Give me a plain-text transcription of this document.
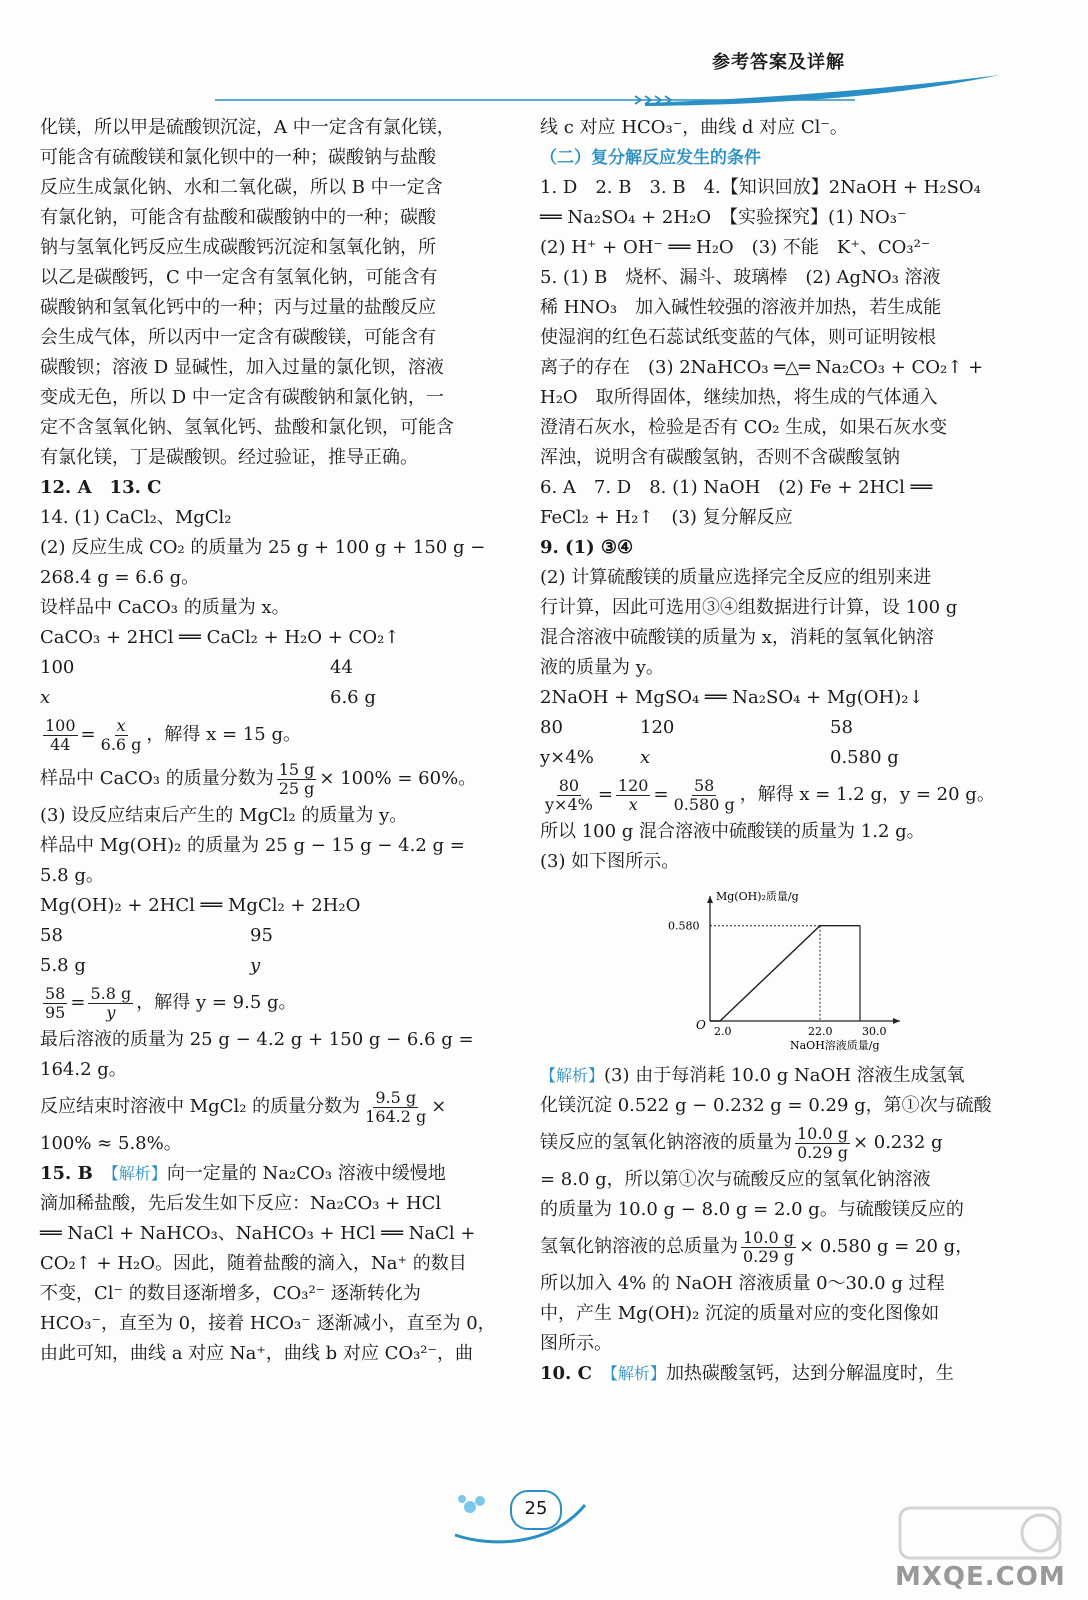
参考答案及详解

化镁，所以甲是硫酸钡沉淀，A 中一定含有氯化镁，

可能含有硫酸镁和氯化钡中的一种；碳酸钠与盐酸

反应生成氯化钠、水和二氧化碳，所以 B 中一定含

有氯化钠，可能含有盐酸和碳酸钠中的一种；碳酸

钠与氢氧化钙反应生成碳酸钙沉淀和氢氧化钠，所

以乙是碳酸钙，C 中一定含有氢氧化钠，可能含有

碳酸钠和氢氧化钙中的一种；丙与过量的盐酸反应

会生成气体，所以丙中一定含有碳酸镁，可能含有

碳酸钡；溶液 D 显碱性，加入过量的氯化钡，溶液

变成无色，所以 D 中一定含有碳酸钠和氯化钠，一

定不含氢氧化钠、氢氧化钙、盐酸和氯化钡，可能含

有氯化镁，丁是碳酸钡。经过验证，推导正确。

12. A　13. C

14. (1) CaCl₂、MgCl₂

(2) 反应生成 CO₂ 的质量为 25 g + 100 g + 150 g −

268.4 g = 6.6 g。

设样品中 CaCO₃ 的质量为 x。

CaCO₃ + 2HCl ══ CaCl₂ + H₂O + CO₂↑

100

x

44

6.6 g

$\frac{100}{44} = \frac{x}{6.6 g}$ ，解得 x = 15 g。
样品中 CaCO₃ 的质量分数为 $\frac{15 g}{25 g} \times 100\% = 60\%$。

(3) 设反应结束后产生的 MgCl₂ 的质量为 y。

样品中 Mg(OH)₂ 的质量为 25 g − 15 g − 4.2 g =

5.8 g。

Mg(OH)₂ + 2HCl ══ MgCl₂ + 2H₂O

58

5.8 g

95

y

$\frac{58}{95} = \frac{5.8 g}{y}$ ，解得 y = 9.5 g。

最后溶液的质量为 25 g − 4.2 g + 150 g − 6.6 g =

164.2 g。

反应结束时溶液中 MgCl₂ 的质量分数为 $\frac{9.5 g}{164.2 g}$ ×

100% ≈ 5.8%。

15. B　 【解析】向一定量的 Na₂CO₃ 溶液中缓慢地

滴加稀盐酸，先后发生如下反应：Na₂CO₃ + HCl

══ NaCl + NaHCO₃、NaHCO₃ + HCl ══ NaCl +

CO₂↑ + H₂O。因此，随着盐酸的滴入，Na⁺ 的数目

不变，Cl⁻ 的数目逐渐增多，CO₃²⁻ 逐渐转化为

HCO₃⁻，直至为 0，接着 HCO₃⁻ 逐渐减小，直至为 0，

由此可知，曲线 a 对应 Na⁺，曲线 b 对应 CO₃²⁻，曲

线 c 对应 HCO₃⁻，曲线 d 对应 Cl⁻。

（二）复分解反应发生的条件

1. D　2. B　3. B　4.【知识回放】2NaOH + H₂SO₄

══ Na₂SO₄ + 2H₂O　【实验探究】(1) NO₃⁻

(2) H⁺ + OH⁻ ══ H₂O　(3) 不能　K⁺、CO₃²⁻

5. (1) B　烧杯、漏斗、玻璃棒　(2) AgNO₃ 溶液

稀 HNO₃　加入碱性较强的溶液并加热，若生成能

使湿润的红色石蕊试纸变蓝的气体，则可证明铵根

离子的存在　(3) 2NaHCO₃ ═△═ Na₂CO₃ + CO₂↑ +

H₂O　取所得固体，继续加热，将生成的气体通入

澄清石灰水，检验是否有 CO₂ 生成，如果石灰水变

浑浊，说明含有碳酸氢钠，否则不含碳酸氢钠

6. A　7. D　8. (1) NaOH　(2) Fe + 2HCl ══

FeCl₂ + H₂↑　(3) 复分解反应

9. (1) ③④

(2) 计算硫酸镁的质量应选择完全反应的组别来进

行计算，因此可选用③④组数据进行计算，设 100 g

混合溶液中硫酸镁的质量为 x，消耗的氢氧化钠溶

液的质量为 y。

2NaOH + MgSO₄ ══ Na₂SO₄ + Mg(OH)₂↓

80

y×4%

120

x

58

0.580 g

$\frac{80}{y\times 4\%} = \frac{120}{x} = \frac{58}{0.580 g}$ ，解得 x = 1.2 g，y = 20 g。

所以 100 g 混合溶液中硫酸镁的质量为 1.2 g。

(3) 如下图所示。

Mg(OH)₂质量/g
NaOH溶液质量/g
O
0.580
2.0	22.0	30.0

【解析】(3) 由于每消耗 10.0 g NaOH 溶液生成氢氧

化镁沉淀 0.522 g − 0.232 g = 0.29 g，第①次与硫酸

镁反应的氢氧化钠溶液的质量为 $\frac{10.0 g}{0.29 g} \times 0.232$ g

= 8.0 g，所以第①次与硫酸反应的氢氧化钠溶液

的质量为 10.0 g − 8.0 g = 2.0 g。与硫酸镁反应的

氢氧化钠溶液的总质量为 $\frac{10.0 g}{0.29 g} \times 0.580$ g = 20 g，

所以加入 4% 的 NaOH 溶液质量 0～30.0 g 过程

中，产生 Mg(OH)₂ 沉淀的质量对应的变化图像如

图所示。

10. C　 【解析】加热碳酸氢钙，达到分解温度时，生

25
MXQE.COM
